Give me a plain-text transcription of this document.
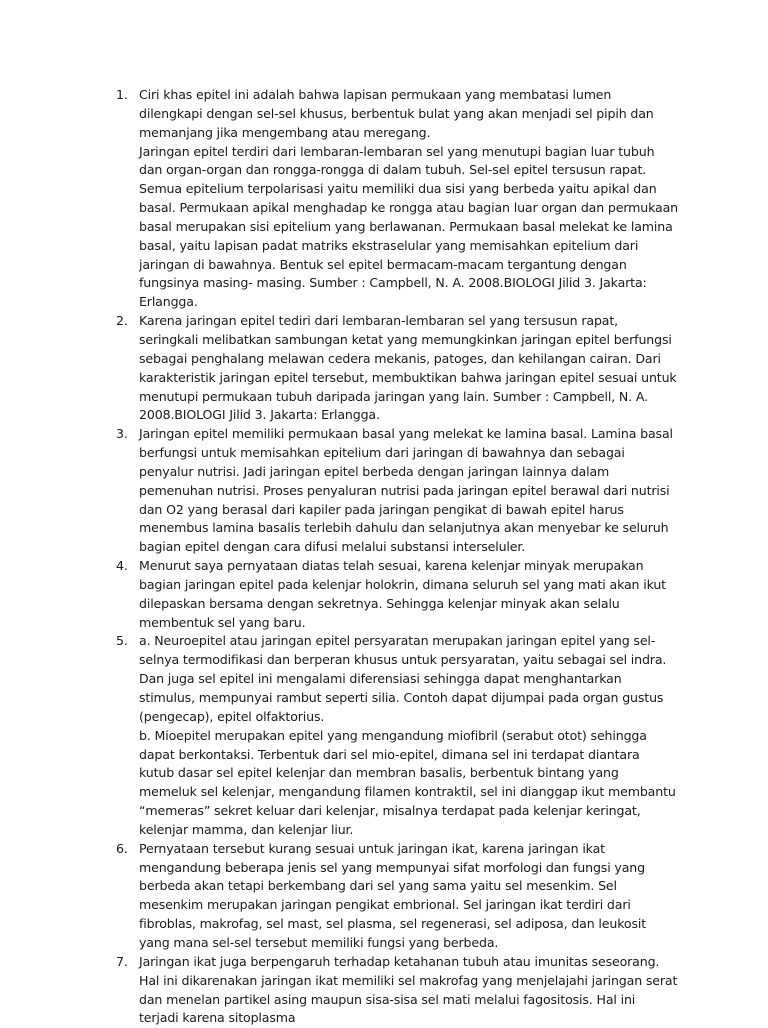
1. Ciri khas epitel ini adalah bahwa lapisan permukaan yang membatasi lumen dilengkapi dengan sel-sel khusus, berbentuk bulat yang akan menjadi sel pipih dan memanjang jika mengembang atau meregang.
Jaringan epitel terdiri dari lembaran-lembaran sel yang menutupi bagian luar tubuh dan organ-organ dan rongga-rongga di dalam tubuh. Sel-sel epitel tersusun rapat. Semua epitelium terpolarisasi yaitu memiliki dua sisi yang berbeda yaitu apikal dan basal. Permukaan apikal menghadap ke rongga atau bagian luar organ dan permukaan basal merupakan sisi epitelium yang berlawanan. Permukaan basal melekat ke lamina basal, yaitu lapisan padat matriks ekstraselular yang memisahkan epitelium dari jaringan di bawahnya. Bentuk sel epitel bermacam-macam tergantung dengan fungsinya masing- masing. Sumber : Campbell, N. A. 2008.BIOLOGI Jilid 3. Jakarta: Erlangga.
2. Karena jaringan epitel tediri dari lembaran-lembaran sel yang tersusun rapat, seringkali melibatkan sambungan ketat yang memungkinkan jaringan epitel berfungsi sebagai penghalang melawan cedera mekanis, patoges, dan kehilangan cairan. Dari karakteristik jaringan epitel tersebut, membuktikan bahwa jaringan epitel sesuai untuk menutupi permukaan tubuh daripada jaringan yang lain. Sumber : Campbell, N. A. 2008.BIOLOGI Jilid 3. Jakarta: Erlangga.
3. Jaringan epitel memiliki permukaan basal yang melekat ke lamina basal. Lamina basal berfungsi untuk memisahkan epitelium dari jaringan di bawahnya dan sebagai penyalur nutrisi. Jadi jaringan epitel berbeda dengan jaringan lainnya dalam pemenuhan nutrisi. Proses penyaluran nutrisi pada jaringan epitel berawal dari nutrisi dan O2 yang berasal dari kapiler pada jaringan pengikat di bawah epitel harus menembus lamina basalis terlebih dahulu dan selanjutnya akan menyebar ke seluruh bagian epitel dengan cara difusi melalui substansi interseluler.
4. Menurut saya pernyataan diatas telah sesuai, karena kelenjar minyak merupakan bagian jaringan epitel pada kelenjar holokrin, dimana seluruh sel yang mati akan ikut dilepaskan bersama dengan sekretnya. Sehingga kelenjar minyak akan selalu membentuk sel yang baru.
5. a. Neuroepitel atau jaringan epitel persyaratan merupakan jaringan epitel yang sel- selnya termodifikasi dan berperan khusus untuk persyaratan, yaitu sebagai sel indra. Dan juga sel epitel ini mengalami diferensiasi sehingga dapat menghantarkan stimulus, mempunyai rambut seperti silia. Contoh dapat dijumpai pada organ gustus (pengecap), epitel olfaktorius.
b. Mioepitel merupakan epitel yang mengandung miofibril (serabut otot) sehingga dapat berkontaksi. Terbentuk dari sel mio-epitel, dimana sel ini terdapat diantara kutub dasar sel epitel kelenjar dan membran basalis, berbentuk bintang yang memeluk sel kelenjar, mengandung filamen kontraktil, sel ini dianggap ikut membantu “memeras” sekret keluar dari kelenjar, misalnya terdapat pada kelenjar keringat, kelenjar mamma, dan kelenjar liur.
6. Pernyataan tersebut kurang sesuai untuk jaringan ikat, karena jaringan ikat mengandung beberapa jenis sel yang mempunyai sifat morfologi dan fungsi yang berbeda akan tetapi berkembang dari sel yang sama yaitu sel mesenkim. Sel mesenkim merupakan jaringan pengikat embrional. Sel jaringan ikat terdiri dari fibroblas, makrofag, sel mast, sel plasma, sel regenerasi, sel adiposa, dan leukosit yang mana sel-sel tersebut memiliki fungsi yang berbeda.
7. Jaringan ikat juga berpengaruh terhadap ketahanan tubuh atau imunitas seseorang. Hal ini dikarenakan jaringan ikat memiliki sel makrofag yang menjelajahi jaringan serat dan menelan partikel asing maupun sisa-sisa sel mati melalui fagositosis. Hal ini terjadi karena sitoplasma
